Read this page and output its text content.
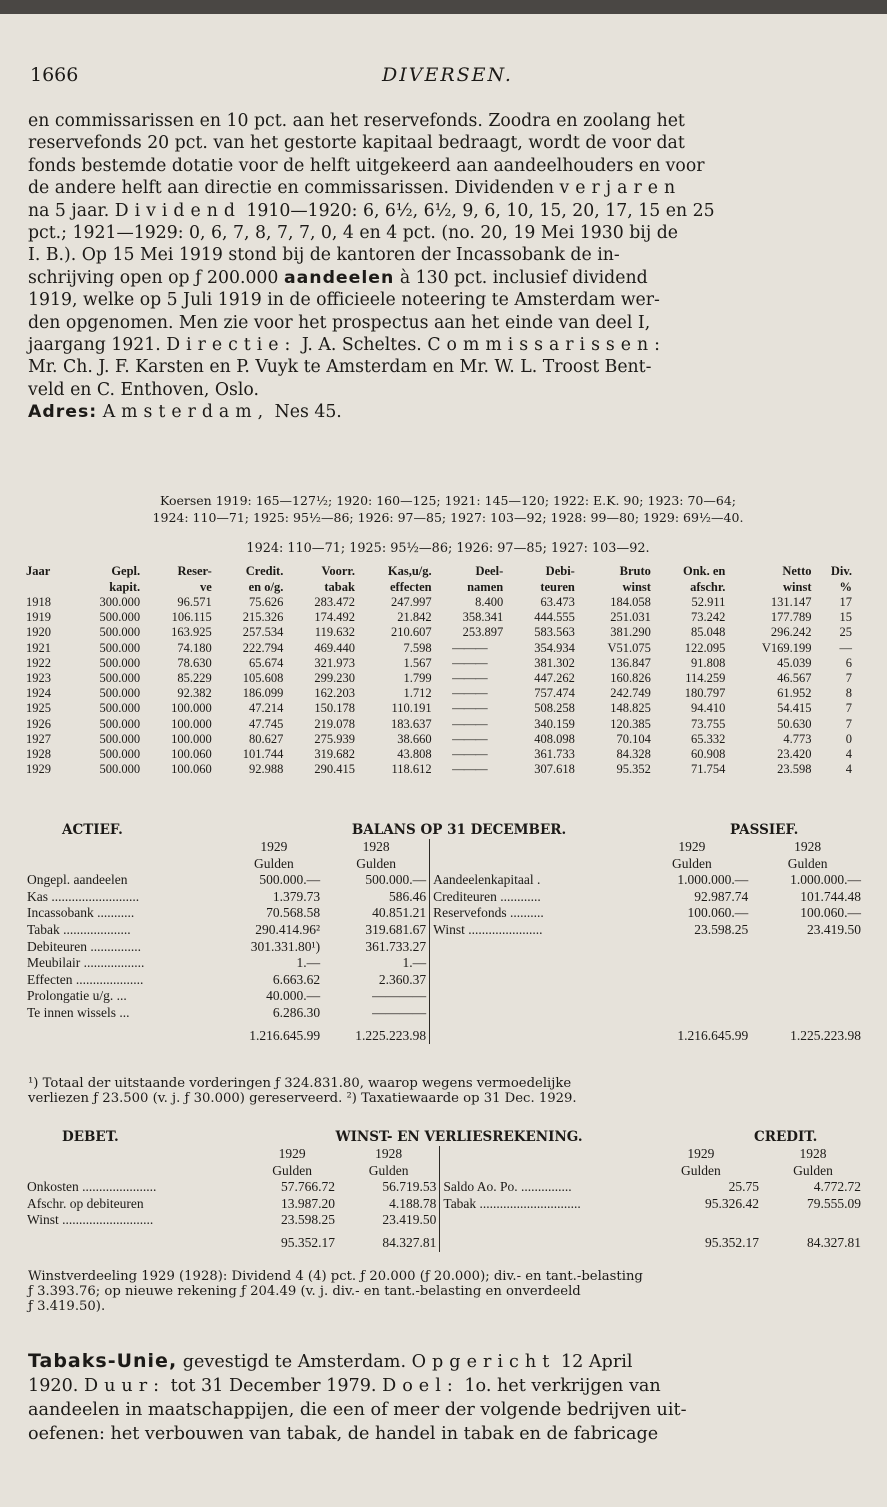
1666	DIVERSEN.
en commissarissen en 10 pct. aan het reservefonds. Zoodra en zoolang het
reservefonds 20 pct. van het gestorte kapitaal bedraagt, wordt de voor dat
fonds bestemde dotatie voor de helft uitgekeerd aan aandeelhouders en voor
de andere helft aan directie en commissarissen. Dividenden verjaren
na 5 jaar. Dividend 1910—1920: 6, 6½, 6½, 9, 6, 10, 15, 20, 17, 15 en 25
pct.; 1921—1929: 0, 6, 7, 8, 7, 7, 0, 4 en 4 pct. (no. 20, 19 Mei 1930 bij de
I. B.). Op 15 Mei 1919 stond bij de kantoren der Incassobank de in-
schrijving open op ƒ 200.000 aandeelen à 130 pct. inclusief dividend
1919, welke op 5 Juli 1919 in de officieele noteering te Amsterdam wer-
den opgenomen. Men zie voor het prospectus aan het einde van deel I,
jaargang 1921. Directie: J. A. Scheltes. Commissarissen:
Mr. Ch. J. F. Karsten en P. Vuyk te Amsterdam en Mr. W. L. Troost Bent-
veld en C. Enthoven, Oslo.
Adres: Amsterdam, Nes 45.
Koersen 1919: 165—127½; 1920: 160—125; 1921: 145—120; 1922: E.K. 90; 1923: 70—64;
1924: 110—71; 1925: 95½—86; 1926: 97—85; 1927: 103—92; 1928: 99—80; 1929: 69½—40.
1924: 110—71; 1925: 95½—86; 1926: 97—85; 1927: 103—92.
Jaar	Gepl.	Reser-	Credit.	Voorr.	Kas,u/g.	Deel-	Debi-	Bruto	Onk. en	Netto	Div.
	kapit.	ve	en o/g.	tabak	effecten	namen	teuren	winst	afschr.	winst	%
1918	300.000	96.571	75.626	283.472	247.997	8.400	63.473	184.058	52.911	131.147	17
1919	500.000	106.115	215.326	174.492	21.842	358.341	444.555	251.031	73.242	177.789	15
1920	500.000	163.925	257.534	119.632	210.607	253.897	583.563	381.290	85.048	296.242	25
1921	500.000	74.180	222.794	469.440	7.598	———	354.934	V51.075	122.095	V169.199	—
1922	500.000	78.630	65.674	321.973	1.567	———	381.302	136.847	91.808	45.039	6
1923	500.000	85.229	105.608	299.230	1.799	———	447.262	160.826	114.259	46.567	7
1924	500.000	92.382	186.099	162.203	1.712	———	757.474	242.749	180.797	61.952	8
1925	500.000	100.000	47.214	150.178	110.191	———	508.258	148.825	94.410	54.415	7
1926	500.000	100.000	47.745	219.078	183.637	———	340.159	120.385	73.755	50.630	7
1927	500.000	100.000	80.627	275.939	38.660	———	408.098	70.104	65.332	4.773	0
1928	500.000	100.060	101.744	319.682	43.808	———	361.733	84.328	60.908	23.420	4
1929	500.000	100.060	92.988	290.415	118.612	———	307.618	95.352	71.754	23.598	4
ACTIEF.	BALANS OP 31 DECEMBER.	PASSIEF.
	1929	1928		1929	1928
	Gulden	Gulden		Gulden	Gulden
Ongepl. aandeelen	500.000.—	500.000.—	Aandeelenkapitaal .	1.000.000.—	1.000.000.—
Kas ..........................	1.379.73	586.46	Crediteuren ............	92.987.74	101.744.48
Incassobank ...........	70.568.58	40.851.21	Reservefonds ..........	100.060.—	100.060.—
Tabak ....................	290.414.96²	319.681.67	Winst ......................	23.598.25	23.419.50
Debiteuren ...............	301.331.80¹)	361.733.27			
Meubilair ..................	1.—	1.—			
Effecten ....................	6.663.62	2.360.37			
Prolongatie u/g. ...	40.000.—	————			
Te innen wissels ...	6.286.30	————			
	1.216.645.99	1.225.223.98		1.216.645.99	1.225.223.98
¹) Totaal der uitstaande vorderingen ƒ 324.831.80, waarop wegens vermoedelijke
verliezen ƒ 23.500 (v. j. ƒ 30.000) gereserveerd. ²) Taxatiewaarde op 31 Dec. 1929.
DEBET.	WINST- EN VERLIESREKENING.	CREDIT.
	1929	1928		1929	1928
	Gulden	Gulden		Gulden	Gulden
Onkosten ......................	57.766.72	56.719.53	Saldo Ao. Po. ...............	25.75	4.772.72
Afschr. op debiteuren	13.987.20	4.188.78	Tabak ..............................	95.326.42	79.555.09
Winst ...........................	23.598.25	23.419.50			
	95.352.17	84.327.81		95.352.17	84.327.81
Winstverdeeling 1929 (1928): Dividend 4 (4) pct. ƒ 20.000 (ƒ 20.000); div.- en tant.-belasting
ƒ 3.393.76; op nieuwe rekening ƒ 204.49 (v. j. div.- en tant.-belasting en onverdeeld
ƒ 3.419.50).
Tabaks-Unie, gevestigd te Amsterdam. Opgericht 12 April
1920. Duur: tot 31 December 1979. Doel: 1o. het verkrijgen van
aandeelen in maatschappijen, die een of meer der volgende bedrijven uit-
oefenen: het verbouwen van tabak, de handel in tabak en de fabricage
